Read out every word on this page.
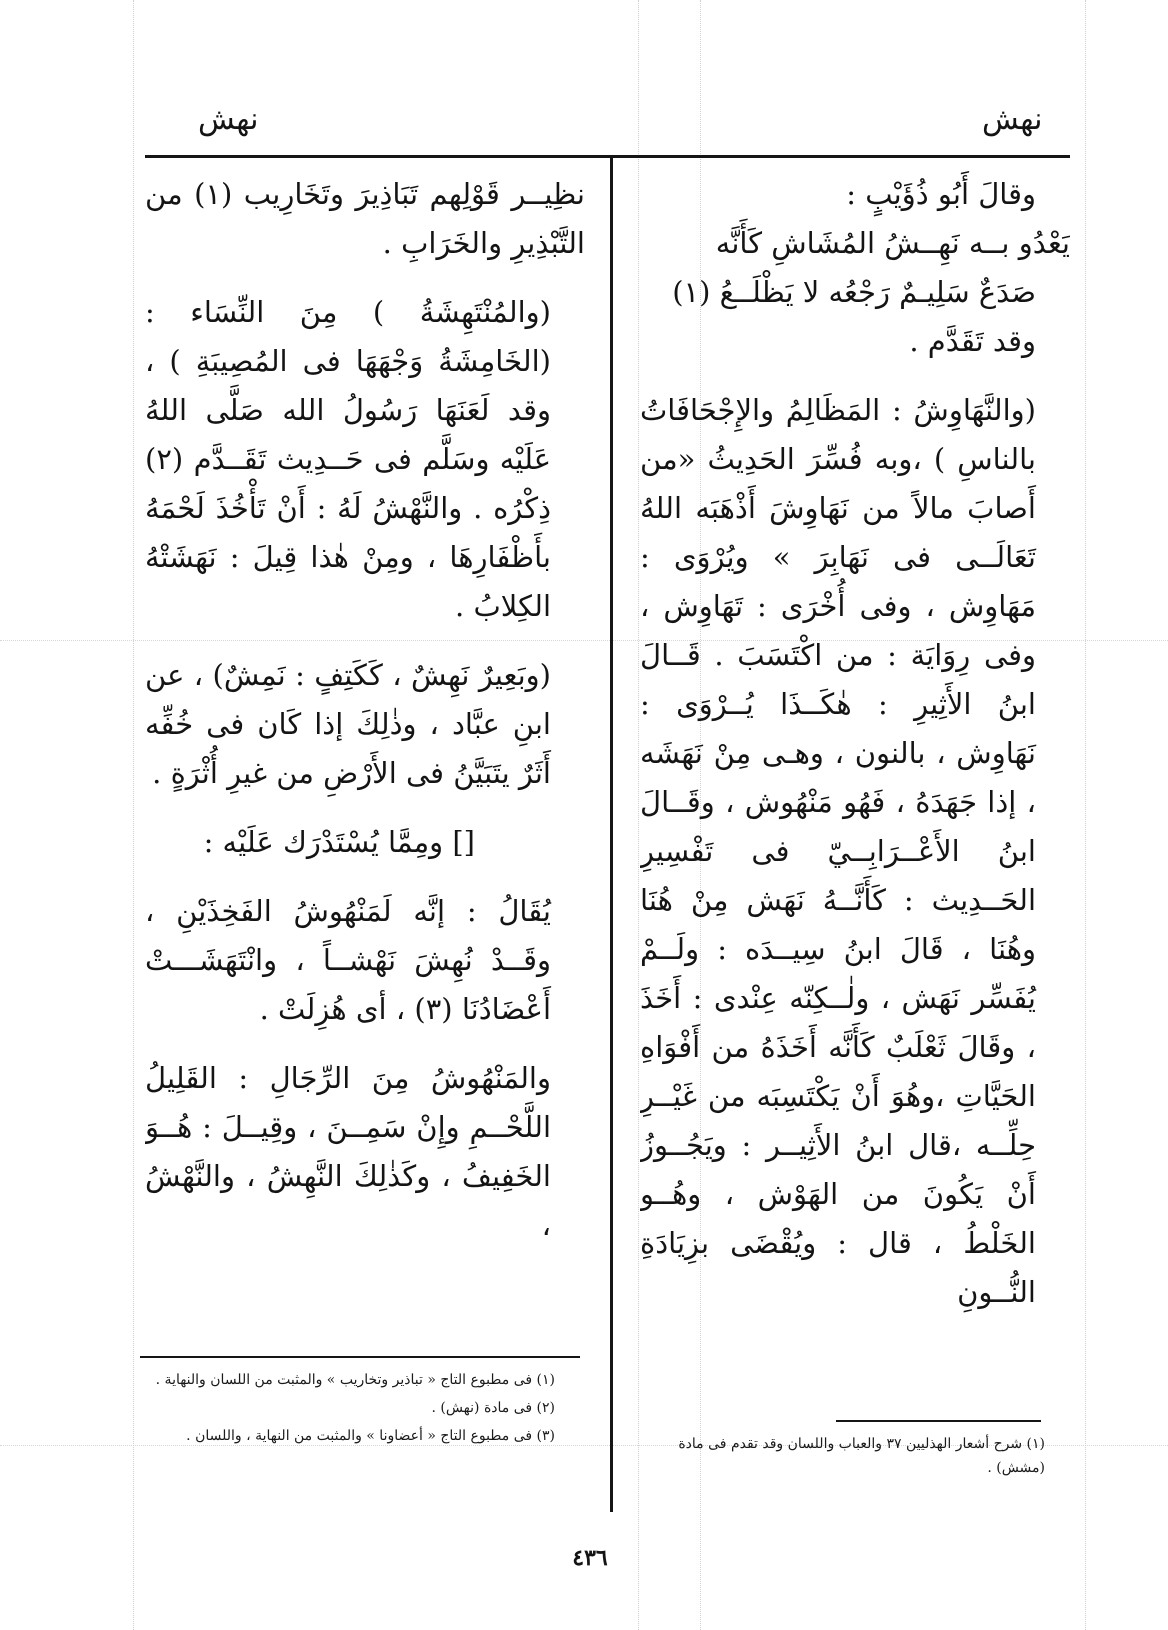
نهش
نهش

وقالَ أَبُو ذُؤَيْبٍ :

يَعْدُو بــه نَهِــشُ المُشَاشِ كَأَنَّه

صَدَعٌ سَلِيـمٌ رَجْعُه لا يَظْلَــعُ (١)

وقد تَقَدَّم .

(والنَّهَاوِشُ : المَظَالِمُ والإِجْحَافَاتُ بالناسِ ) ،وبه فُسِّرَ الحَدِيثُ «من أَصابَ مالاً من نَهَاوِشَ أَذْهَبَه اللهُ تَعَالَــى فى نَهَابِرَ » ويُرْوَى : مَهَاوِش ، وفى أُخْرَى : تَهَاوِش ، وفى رِوَايَة : من اكْتَسَبَ . قَــالَ ابنُ الأَثِيرِ : هٰكَــذَا يُــرْوَى : نَهَاوِش ، بالنون ، وهـى مِنْ نَهَشَه ، إذا جَهَدَهُ ، فَهُو مَنْهُوش ، وقَــالَ ابنُ الأَعْــرَابِــيّ فى تَفْسِيرِ الحَــدِيث : كَأَنَّــهُ نَهَش مِنْ هُنَا وهُنَا ، قَالَ ابنُ سِيــدَه : ولَــمْ يُفَسِّر نَهَش ، ولٰــكِنّه عِنْدى : أَخَذَ ، وقَالَ ثَعْلَبٌ كَأَنَّه أَخَذَهُ من أَفْوَاهِ الحَيَّاتِ ،وهُوَ أَنْ يَكْتَسِبَه من غَيْــرِ حِلِّــه ،قال ابنُ الأَثِيــر : ويَجُــوزُ أَنْ يَكُونَ من الهَوْش ، وهُــو الخَلْطُ ، قال : ويُقْضَى بزِيَادَةِ النُّــونِ

نظِيــر قَوْلِهم تَبَاذِيرَ وتَخَارِيب (١) من التَّبْذِيرِ والخَرَابِ .

(والمُنْتَهِشَةُ ) مِنَ النِّسَاء : (الخَامِشَةُ وَجْهَهَا فى المُصِيبَةِ ) ، وقد لَعَنَهَا رَسُولُ الله صَلَّى اللهُ عَلَيْه وسَلَّم فى حَــدِيث تَقَــدَّم (٢) ذِكْرُه . والنَّهْشُ لَهُ : أَنْ تَأْخُذَ لَحْمَهُ بأَظْفَارِهَا ، ومِنْ هٰذا قِيلَ : نَهَشَتْهُ الكِلابُ .

(وبَعِيرٌ نَهِشٌ ، كَكَتِفٍ : نَمِشٌ) ، عن ابنِ عبَّاد ، وذٰلِكَ إذا كَان فى خُفِّه أَثَرٌ يتَبَيَّنُ فى الأَرْضِ من غيرِ أُثْرَةٍ .

[] ومِمَّا يُسْتَدْرَك عَلَيْه :

يُقَالُ : إنَّه لَمَنْهُوشُ الفَخِذَيْنِ ، وقَــدْ نُهِشَ نَهْشــاً ، وانْتَهَشَـــتْ أَعْضَادُنَا (٣) ، أى هُزِلَتْ .

والمَنْهُوشُ مِنَ الرِّجَالِ : القَلِيلُ اللَّحْــمِ وإِنْ سَمِــنَ ، وقِيــلَ : هُــوَ الخَفِيفُ ، وكَذٰلِكَ النَّهِشُ ، والنَّهْشُ ،

(١) فى مطبوع التاج « تباذير وتخاريب » والمثبت من اللسان والنهاية .

(٢) فى مادة (نهش) .

(٣) فى مطبوع التاج « أعضاونا » والمثبت من النهاية ، واللسان .	(١) شرح أشعار الهذليين ٣٧ والعباب واللسان وقد تقدم فى مادة (مشش) .

٤٣٦
